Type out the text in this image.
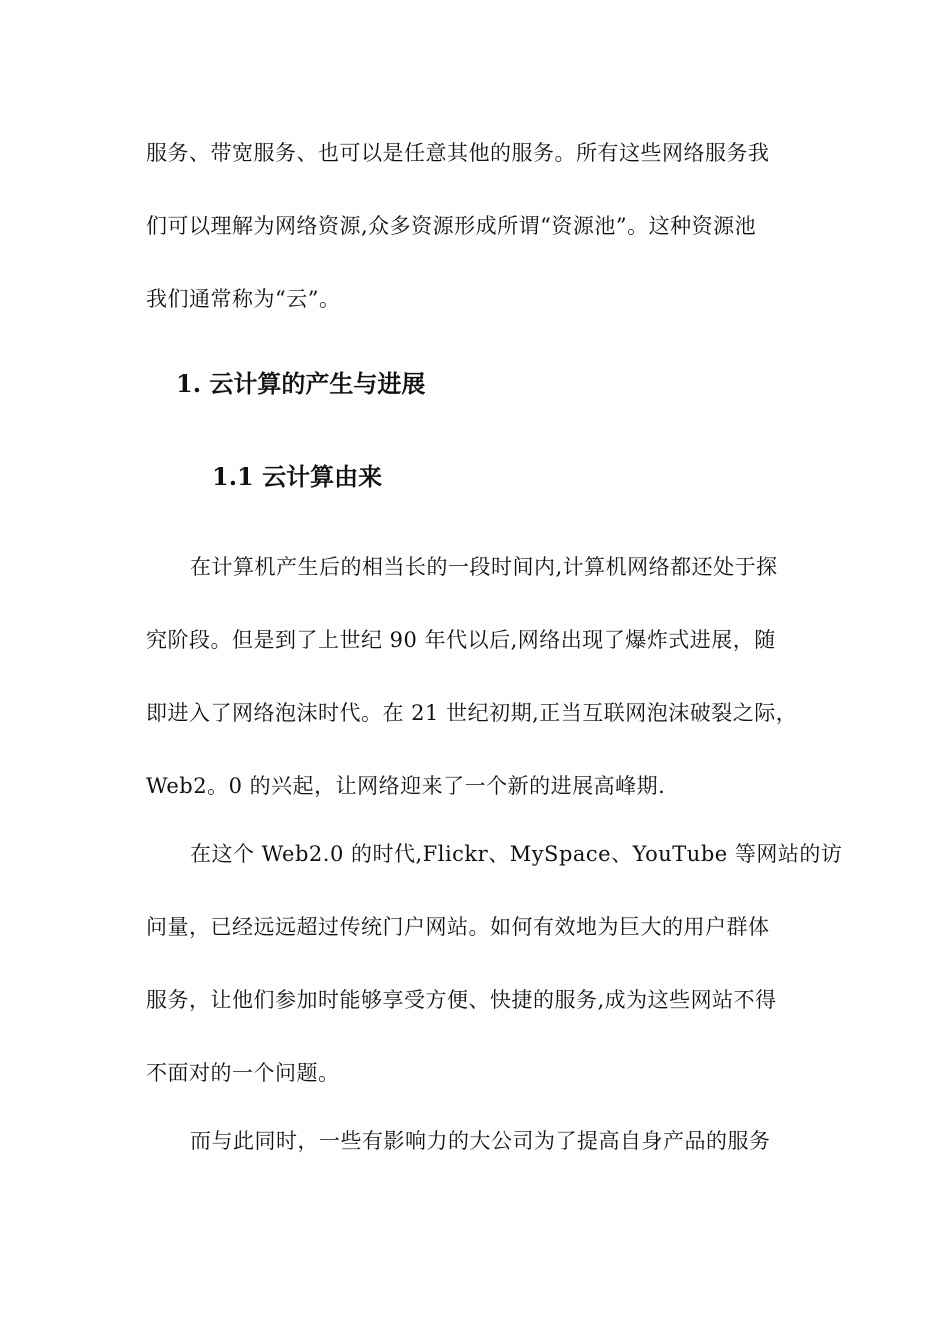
服务、带宽服务、也可以是任意其他的服务。所有这些网络服务我
们可以理解为网络资源,众多资源形成所谓“资源池”。这种资源池
我们通常称为“云”。
1. 云计算的产生与进展
1.1 云计算由来
在计算机产生后的相当长的一段时间内,计算机网络都还处于探
究阶段。但是到了上世纪 90 年代以后,网络出现了爆炸式进展，随
即进入了网络泡沫时代。在 21 世纪初期,正当互联网泡沫破裂之际，
Web2。0 的兴起，让网络迎来了一个新的进展高峰期.
在这个 Web2.0 的时代,Flickr、MySpace、YouTube 等网站的访
问量，已经远远超过传统门户网站。如何有效地为巨大的用户群体
服务，让他们参加时能够享受方便、快捷的服务,成为这些网站不得
不面对的一个问题。
而与此同时，一些有影响力的大公司为了提高自身产品的服务
